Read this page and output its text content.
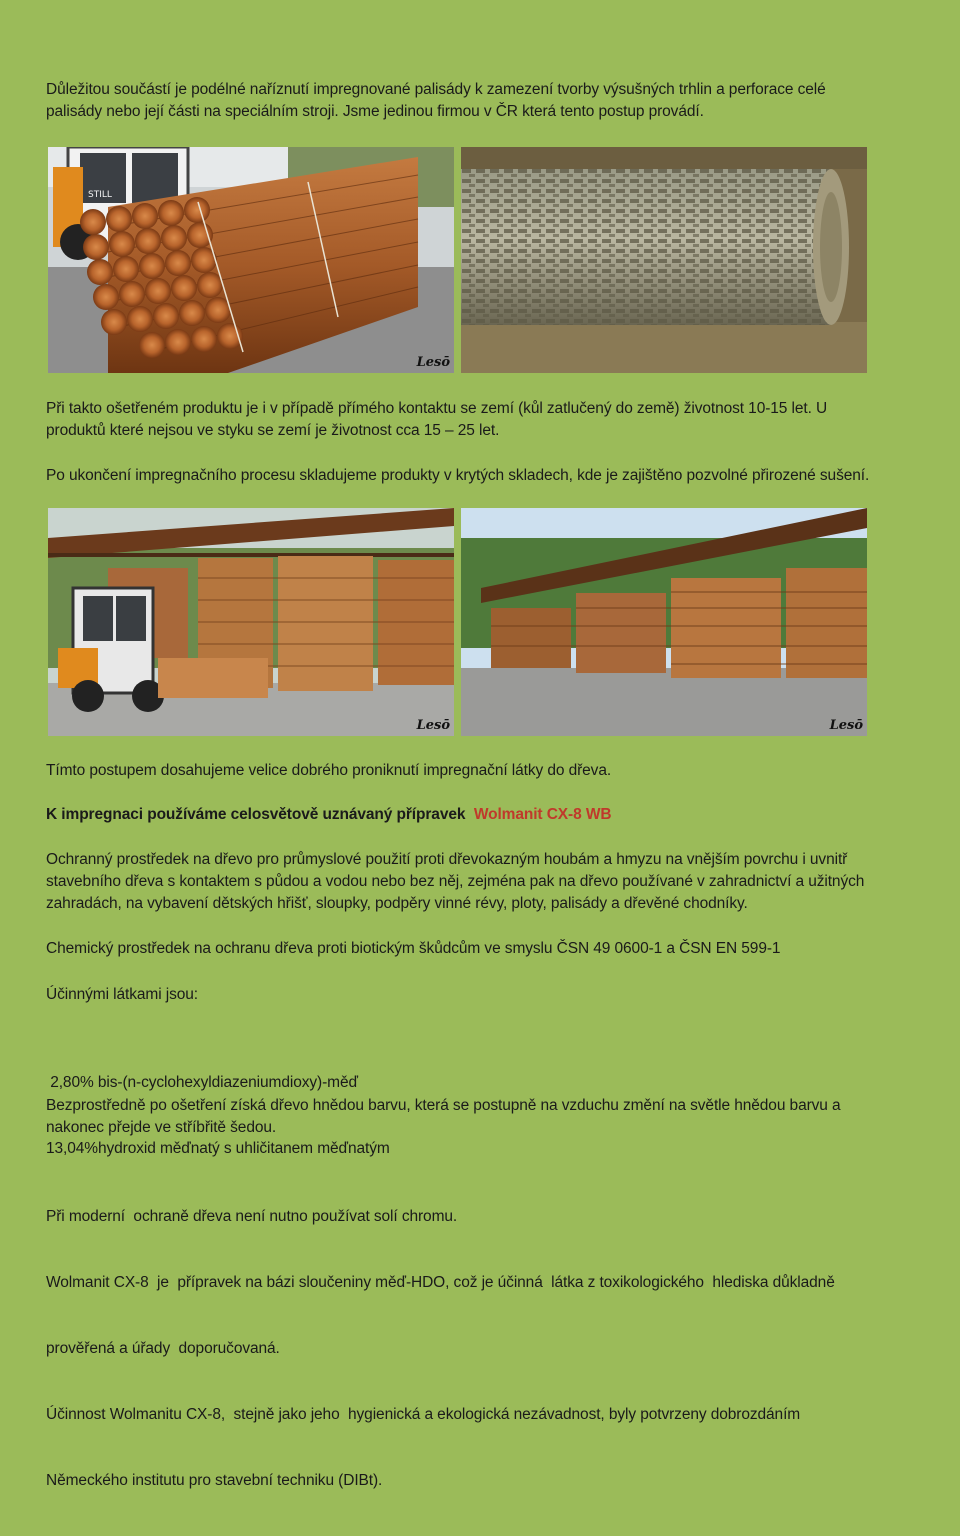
Důležitou součástí je podélné naříznutí impregnované palisády k zamezení tvorby výsušných trhlin a perforace celé
palisády nebo její části na speciálním stroji. Jsme jedinou firmou v ČR která tento postup provádí.
STILL
Lesō
Při takto ošetřeném produktu je i v případě přímého kontaktu se zemí (kůl zatlučený do země) životnost 10-15 let. U
produktů které nejsou ve styku se zemí je životnost cca 15 – 25 let.
Po ukončení impregnačního procesu skladujeme produkty v krytých skladech, kde je zajištěno pozvolné přirozené sušení.
Lesō	Lesō
Tímto postupem dosahujeme velice dobrého proniknutí impregnační látky do dřeva.
K impregnaci používáme celosvětově uznávaný přípravek Wolmanit CX-8 WB
Ochranný prostředek na dřevo pro průmyslové použití proti dřevokazným houbám a hmyzu na vnějším povrchu i uvnitř
stavebního dřeva s kontaktem s půdou a vodou nebo bez něj, zejména pak na dřevo používané v zahradnictví a užitných
zahradách, na vybavení dětských hřišť, sloupky, podpěry vinné révy, ploty, palisády a dřevěné chodníky.
Chemický prostředek na ochranu dřeva proti biotickým škůdcům ve smyslu ČSN 49 0600-1 a ČSN EN 599-1
Účinnými látkami jsou:

2,80% bis-(n-cyclohexyldiazeniumdioxy)-měď

13,04%hydroxid měďnatý s uhličitanem měďnatým

Bezprostředně po ošetření získá dřevo hnědou barvu, která se postupně na vzduchu změní na světle hnědou barvu a
nakonec přejde ve stříbřitě šedou.

Při moderní  ochraně dřeva není nutno používat solí chromu.

Wolmanit CX-8  je  přípravek na bázi sloučeniny měď-HDO, což je účinná  látka z toxikologického  hlediska důkladně

prověřená a úřady  doporučovaná.

Účinnost Wolmanitu CX-8,  stejně jako jeho  hygienická a ekologická nezávadnost, byly potvrzeny dobrozdáním

Německého institutu pro stavební techniku (DIBt).
